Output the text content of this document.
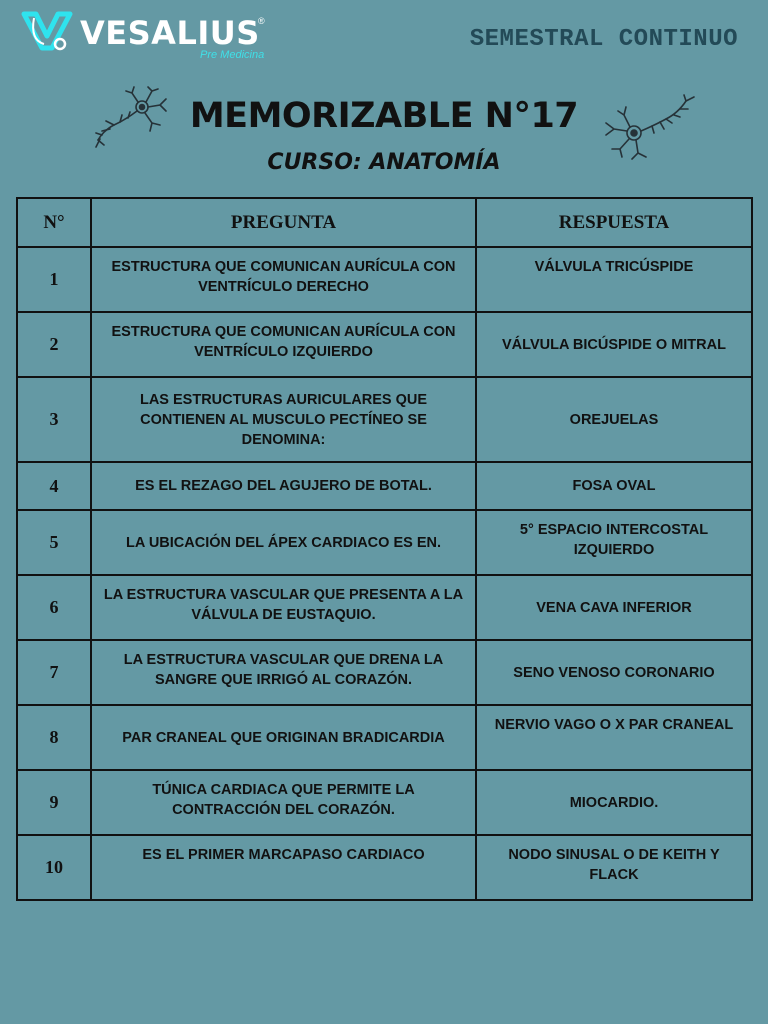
VESALIUS
®
Pre Medicina
SEMESTRAL CONTINUO
MEMORIZABLE N°17
CURSO: ANATOMÍA
N°	PREGUNTA	RESPUESTA
1	ESTRUCTURA QUE COMUNICAN AURÍCULA CON VENTRÍCULO DERECHO	VÁLVULA TRICÚSPIDE
2	ESTRUCTURA QUE COMUNICAN AURÍCULA CON VENTRÍCULO IZQUIERDO	VÁLVULA BICÚSPIDE O MITRAL
3	LAS ESTRUCTURAS AURICULARES QUE CONTIENEN AL MUSCULO PECTÍNEO SE DENOMINA:	OREJUELAS
4	ES EL REZAGO DEL AGUJERO DE BOTAL.	FOSA OVAL
5	LA UBICACIÓN DEL ÁPEX CARDIACO ES EN.	5° ESPACIO INTERCOSTAL IZQUIERDO
6	LA ESTRUCTURA VASCULAR QUE PRESENTA A LA VÁLVULA DE EUSTAQUIO.	VENA CAVA INFERIOR
7	LA ESTRUCTURA VASCULAR QUE DRENA LA SANGRE QUE IRRIGÓ AL CORAZÓN.	SENO VENOSO CORONARIO
8	PAR CRANEAL QUE ORIGINAN BRADICARDIA	NERVIO VAGO O X PAR CRANEAL
9	TÚNICA CARDIACA QUE PERMITE LA CONTRACCIÓN DEL CORAZÓN.	MIOCARDIO.
10	ES EL PRIMER MARCAPASO CARDIACO	NODO SINUSAL O DE KEITH Y FLACK
